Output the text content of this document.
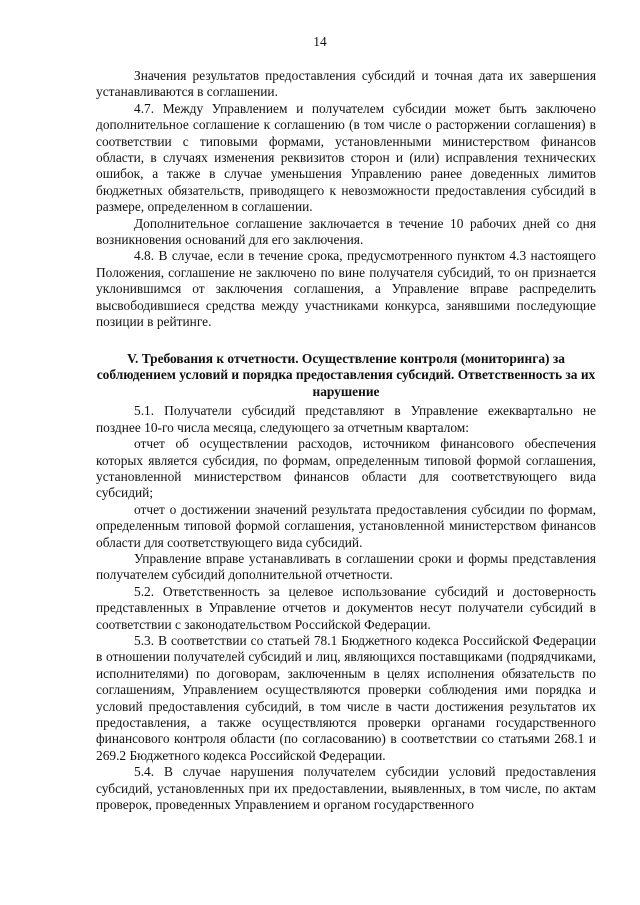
14

Значения результатов предоставления субсидий и точная дата их завершения устанавливаются в соглашении.

4.7. Между Управлением и получателем субсидии может быть заключено дополнительное соглашение к соглашению (в том числе о расторжении соглашения) в соответствии с типовыми формами, установленными министерством финансов области, в случаях изменения реквизитов сторон и (или) исправления технических ошибок, а также в случае уменьшения Управлению ранее доведенных лимитов бюджетных обязательств, приводящего к невозможности предоставления субсидий в размере, определенном в соглашении.

Дополнительное соглашение заключается в течение 10 рабочих дней со дня возникновения оснований для его заключения.

4.8. В случае, если в течение срока, предусмотренного пунктом 4.3 настоящего Положения, соглашение не заключено по вине получателя субсидий, то он признается уклонившимся от заключения соглашения, а Управление вправе распределить высвободившиеся средства между участниками конкурса, занявшими последующие позиции в рейтинге.

V. Требования к отчетности. Осуществление контроля (мониторинга) за соблюдением условий и порядка предоставления субсидий. Ответственность за их нарушение

5.1. Получатели субсидий представляют в Управление ежеквартально не позднее 10-го числа месяца, следующего за отчетным кварталом:

отчет об осуществлении расходов, источником финансового обеспечения которых является субсидия, по формам, определенным типовой формой соглашения, установленной министерством финансов области для соответствующего вида субсидий;

отчет о достижении значений результата предоставления субсидии по формам, определенным типовой формой соглашения, установленной министерством финансов области для соответствующего вида субсидий.

Управление вправе устанавливать в соглашении сроки и формы представления получателем субсидий дополнительной отчетности.

5.2. Ответственность за целевое использование субсидий и достоверность представленных в Управление отчетов и документов несут получатели субсидий в соответствии с законодательством Российской Федерации.

5.3. В соответствии со статьей 78.1 Бюджетного кодекса Российской Федерации в отношении получателей субсидий и лиц, являющихся поставщиками (подрядчиками, исполнителями) по договорам, заключенным в целях исполнения обязательств по соглашениям, Управлением осуществляются проверки соблюдения ими порядка и условий предоставления субсидий, в том числе в части достижения результатов их предоставления, а также осуществляются проверки органами государственного финансового контроля области (по согласованию) в соответствии со статьями 268.1 и 269.2 Бюджетного кодекса Российской Федерации.

5.4. В случае нарушения получателем субсидии условий предоставления субсидий, установленных при их предоставлении, выявленных, в том числе, по актам проверок, проведенных Управлением и органом государственного
